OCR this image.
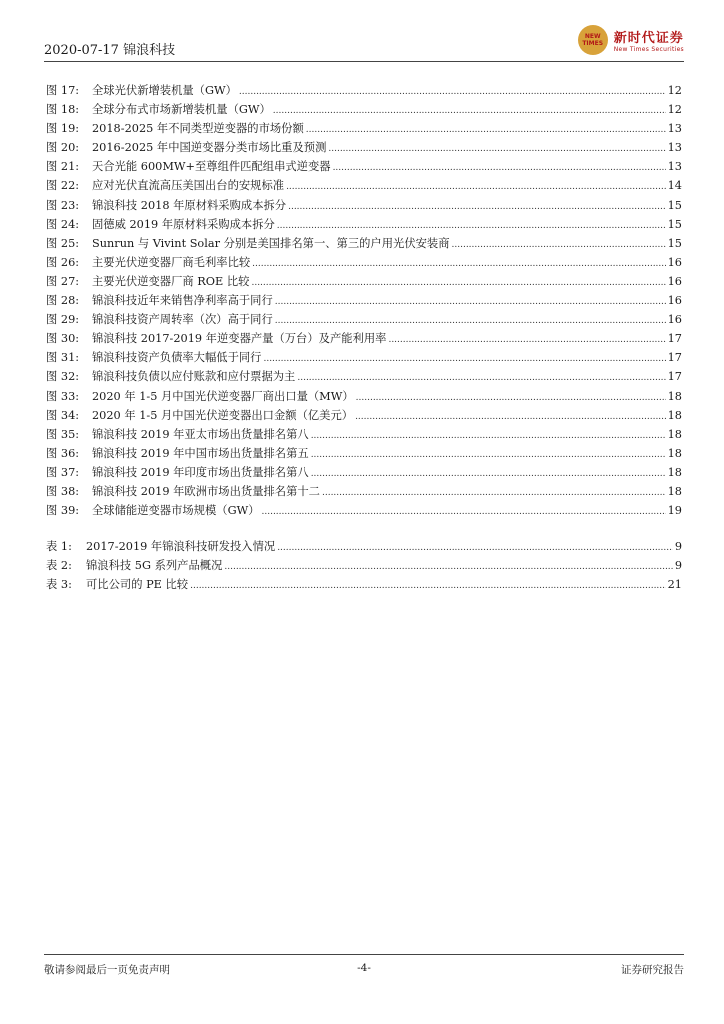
2020-07-17 锦浪科技
NEW
TIMES 新时代证券
New Times Securities
图 17:	全球光伏新增装机量（GW） .....	12
图 18:	全球分布式市场新增装机量（GW） .....	12
图 19:	2018-2025 年不同类型逆变器的市场份额 .....	13
图 20:	2016-2025 年中国逆变器分类市场比重及预测 .....	13
图 21:	天合光能 600MW+至尊组件匹配组串式逆变器 .....	13
图 22:	应对光伏直流高压美国出台的安规标准 .....	14
图 23:	锦浪科技 2018 年原材料采购成本拆分 .....	15
图 24:	固德威 2019 年原材料采购成本拆分 .....	15
图 25:	Sunrun 与 Vivint Solar 分别是美国排名第一、第三的户用光伏安装商 .....	15
图 26:	主要光伏逆变器厂商毛利率比较 .....	16
图 27:	主要光伏逆变器厂商 ROE 比较 .....	16
图 28:	锦浪科技近年来销售净利率高于同行 .....	16
图 29:	锦浪科技资产周转率（次）高于同行 .....	16
图 30:	锦浪科技 2017-2019 年逆变器产量（万台）及产能利用率 .....	17
图 31:	锦浪科技资产负债率大幅低于同行 .....	17
图 32:	锦浪科技负债以应付账款和应付票据为主 .....	17
图 33:	2020 年 1-5 月中国光伏逆变器厂商出口量（MW） .....	18
图 34:	2020 年 1-5 月中国光伏逆变器出口金额（亿美元） .....	18
图 35:	锦浪科技 2019 年亚太市场出货量排名第八 .....	18
图 36:	锦浪科技 2019 年中国市场出货量排名第五 .....	18
图 37:	锦浪科技 2019 年印度市场出货量排名第八 .....	18
图 38:	锦浪科技 2019 年欧洲市场出货量排名第十二 .....	18
图 39:	全球储能逆变器市场规模（GW） .....	19
表 1:	2017-2019 年锦浪科技研发投入情况 .....	9
表 2:	锦浪科技 5G 系列产品概况 .....	9
表 3:	可比公司的 PE 比较 .....	21
敬请参阅最后一页免责声明	-4-	证券研究报告
